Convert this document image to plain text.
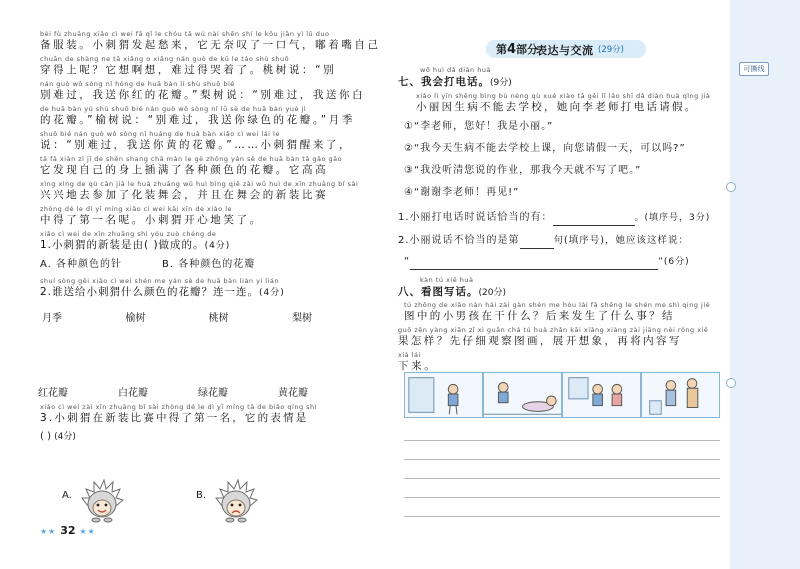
可撕线
bèi fù zhuāng xiǎo cì wei fā qǐ le chóu tā wú nài shēn shí le kǒu jiān yì lǔ duo
备服装。小刺猬发起愁来，它无奈叹了一口气，嘟着嘴自己
chuān de shàng ne tā xiǎng o xiǎng nán guò de kū le táo shù shuō
穿得上呢？它想啊想，难过得哭着了。桃树说：“别
nán guò wǒ sòng nǐ hóng de huā bàn lí shù shuō bié
别难过，我送你红的花瓣。”梨树说：“别难过，我送你白
de huā bàn yú shù shuō bié nán guò wǒ sòng nǐ lǜ sè de huā bàn yuè jì
的花瓣。”榆树说：“别难过，我送你绿色的花瓣。”月季
shuō bié nán guò wǒ sòng nǐ huáng de huā bàn xiǎo cì wei lái le
说：“别难过，我送你黄的花瓣。”……小刺猬醒来了，
tā fā xiàn zì jǐ de shēn shang chā mǎn le gè zhǒng yán sè de huā bàn tā gāo gāo
它发现自己的身上插满了各种颜色的花瓣。它高高
xìng xìng de qù cān jiā le huà zhuāng wǔ huì bìng qiě zài wǔ huì de xīn zhuāng bǐ sài
兴兴地去参加了化装舞会，并且在舞会的新装比赛
zhòng dé le dì yī míng xiǎo cì wei kāi xīn de xiào le
中得了第一名呢。小刺猬开心地笑了。
xiǎo cì wei de xīn zhuāng shì yóu zuò chéng de
1.小刺猬的新装是由( )做成的。(4分)
A. 各种颜色的针	B. 各种颜色的花瓣
shuí sòng gěi xiǎo cì wei shén me yán sè de huā bàn lián yi lián
2.谁送给小刺猬什么颜色的花瓣？连一连。(4分)
月季	榆树	桃树	梨树
红花瓣	白花瓣	绿花瓣	黄花瓣
xiǎo cì wei zài xīn zhuāng bǐ sài zhòng dé le dì yī míng tā de biǎo qíng shì
3.小刺猬在新装比赛中得了第一名，它的表情是
( ) (4分)
A.	B.
★★ 32 ★★
第4部分
表达与交流 (29分)
wǒ huì dǎ diàn huà
七、我会打电话。(9分)
xiǎo lì yīn shēng bìng bù néng qù xué xiào tā gěi lǐ lǎo shī dǎ diàn huà qǐng jià
小丽因生病不能去学校，她向李老师打电话请假。
①“李老师，您好！我是小丽。”
②“我今天生病不能去学校上课，向您请假一天，可以吗?”
③“我没听清您说的作业，那我今天就不写了吧。”
④“谢谢李老师！再见!”
1.小丽打电话时说话恰当的有：	。(填序号，3分)
2.小丽说话不恰当的是第	句(填序号)，她应该这样说：
“	”(6分)
kàn tú xiě huà
八、看图写话。(20分)
tú zhōng de xiǎo nán hái zài gàn shén me hòu lái fā shēng le shén me shì qing jié
图中的小男孩在干什么？后来发生了什么事？结
guǒ zěn yàng xiān zǐ xì guān chá tú huà zhǎn kāi xiǎng xiàng zài jiāng nèi róng xiě
果怎样？先仔细观察图画，展开想象，再将内容写
xià lái
下来。
